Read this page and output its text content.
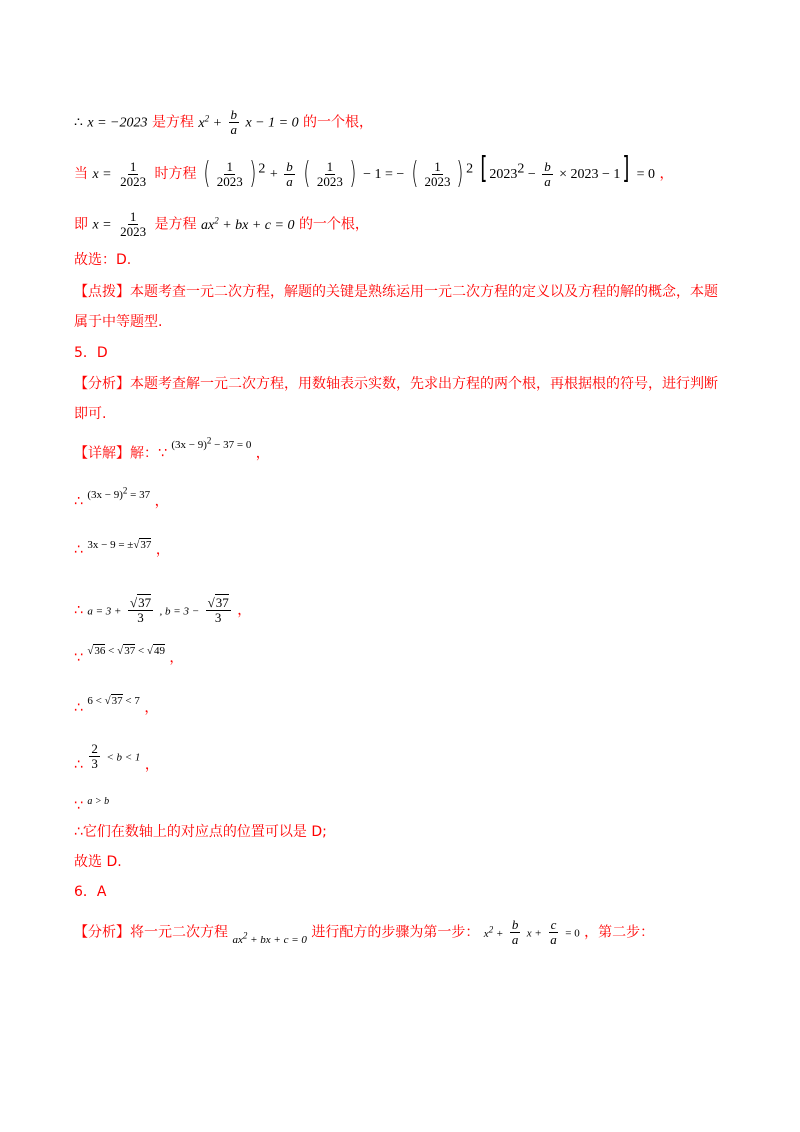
∴ x = −2023 是方程 $x^2 + \frac{b}{a}$ x − 1 = 0 的一个根，
当 $x = \frac{1}{2023}$ 时方程 ( $\frac{1}{2023}$ ) $^2 + \frac{b}{a}$
( $\frac{1}{2023}$ ) − 1 = − ( $\frac{1}{2023}$ ) $^2$ [ $2023^2 - \frac{b}{a} \times 2023 - 1] = 0$ ，
即 $x = \frac{1}{2023}$ 是方程 $ax^2$ + bx + c = 0 的一个根，
故选：D.
【点拨】本题考查一元二次方程，解题的关键是熟练运用一元二次方程的定义以及方程的解的概念，本题
属于中等题型.
5．D
【分析】本题考查解一元二次方程，用数轴表示实数，先求出方程的两个根，再根据根的符号，进行判断
即可.
【详解】解：∵ $^{(3x - 9)^2 - 37 = 0}$ ，
∴ $^{(3x - 9)^2 = 37}$ ，
∴ $^{3x - 9 = \pm√37}$ ，
∴ $a = 3 + \frac{√37}{3}$ , $b = 3 - \frac{√37}{3}$ ，
∵ √36 < √37 < √49 ，
∴ 6 < √37 < 7 ，
∴ $\frac{2}{3} < b < 1$ ，
∵ a > b
∴它们在数轴上的对应点的位置可以是 D;
故选 D.
6．A
【分析】将一元二次方程 $_{ax^2 + bx + c = 0}$ 进行配方的步骤为第一步： $x^2 + \frac{b}{a}$ $x + \frac{c}{a} = 0$ ，第二步：
